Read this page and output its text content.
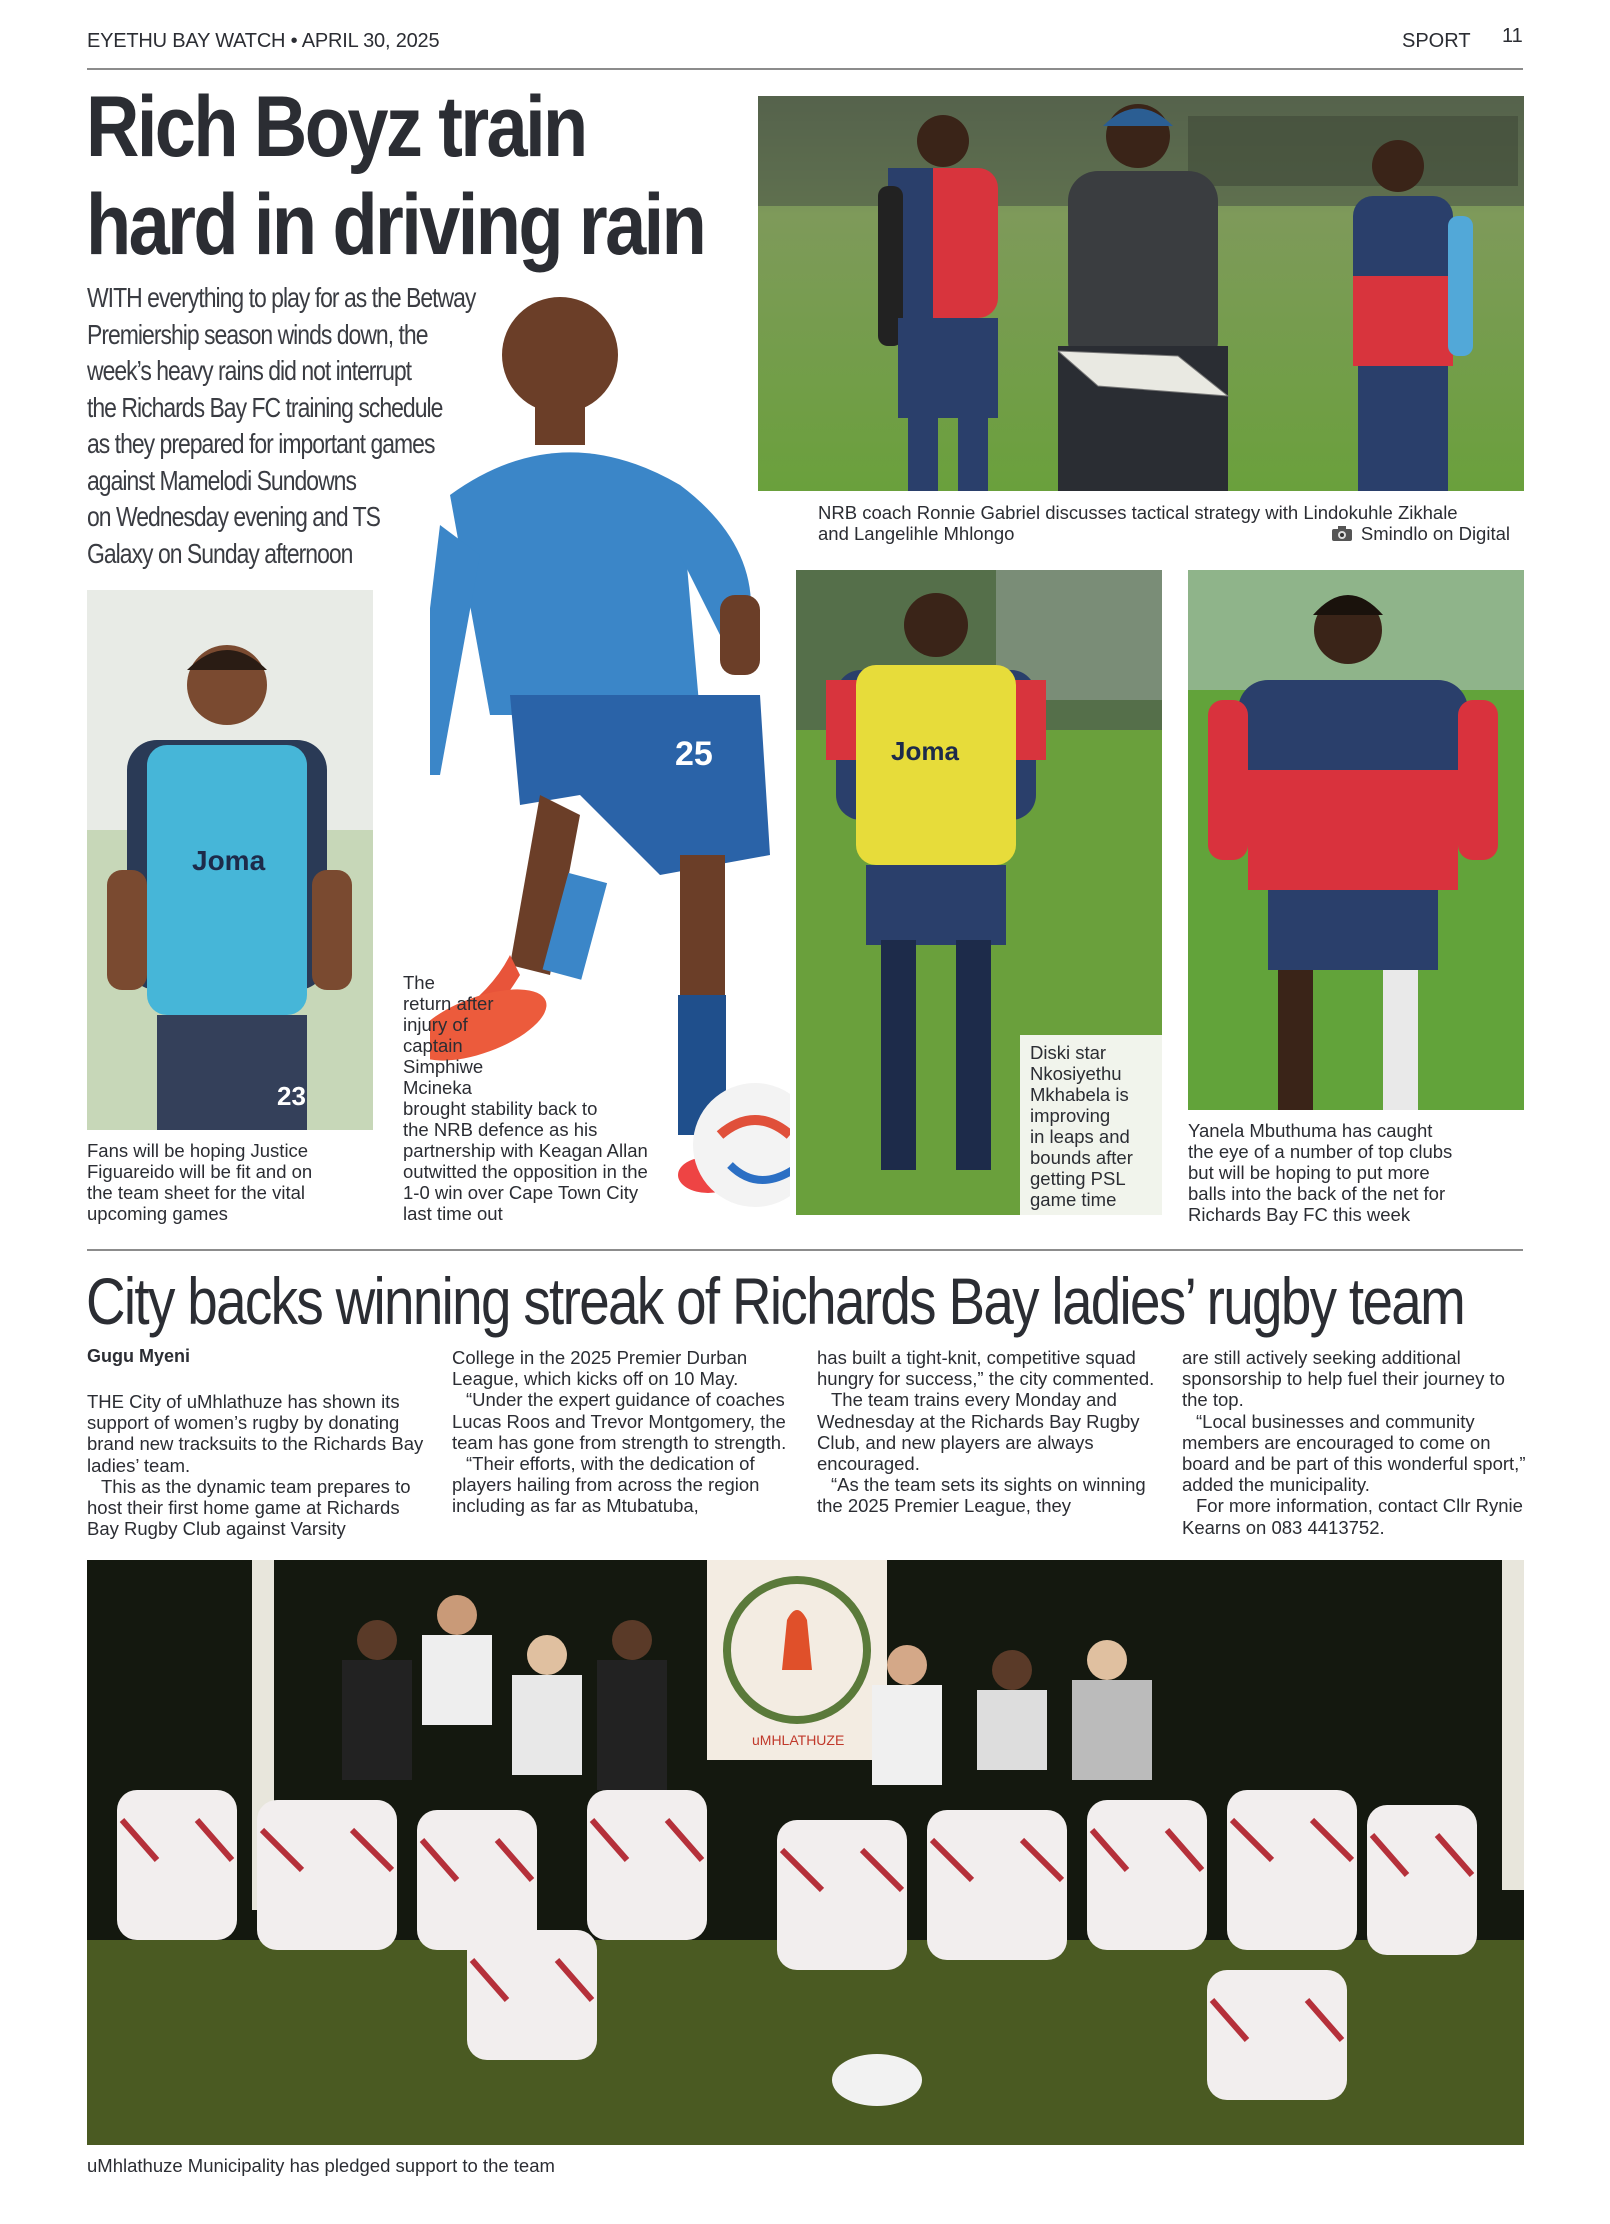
EYETHU BAY WATCH • APRIL 30, 2025	SPORT 11
Rich Boyz train
hard in driving rain
WITH everything to play for as the Betway
Premiership season winds down, the
week’s heavy rains did not interrupt
the Richards Bay FC training schedule
as they prepared for important games
against Mamelodi Sundowns
on Wednesday evening and TS
Galaxy on Sunday afternoon
NRB coach Ronnie Gabriel discusses tactical strategy with Lindokuhle Zikhale
and Langelihle Mhlongo	Smindlo on Digital
Joma
23
Fans will be hoping Justice
Figuareido will be fit and on
the team sheet for the vital
upcoming games
25
The
return after
injury of
captain
Simphiwe
Mcineka
brought stability back to
the NRB defence as his
partnership with Keagan Allan
outwitted the opposition in the
1-0 win over Cape Town City
last time out
Joma
Diski star
Nkosiyethu
Mkhabela is
improving
in leaps and
bounds after
getting PSL
game time
Yanela Mbuthuma has caught
the eye of a number of top clubs
but will be hoping to put more
balls into the back of the net for
Richards Bay FC this week
City backs winning streak of Richards Bay ladies’ rugby team
Gugu Myeni

THE City of uMhlathuze has shown its support of women’s rugby by donating brand new tracksuits to the Richards Bay ladies’ team.

This as the dynamic team prepares to host their first home game at Richards Bay Rugby Club against Varsity

College in the 2025 Premier Durban League, which kicks off on 10 May.

“Under the expert guidance of coaches Lucas Roos and Trevor Montgomery, the team has gone from strength to strength.

“Their efforts, with the dedication of players hailing from across the region including as far as Mtubatuba,

has built a tight-knit, competitive squad hungry for success,” the city commented.

The team trains every Monday and Wednesday at the Richards Bay Rugby Club, and new players are always encouraged.

“As the team sets its sights on winning the 2025 Premier League, they

are still actively seeking additional sponsorship to help fuel their journey to the top.

“Local businesses and community members are encouraged to come on board and be part of this wonderful sport,” added the municipality.

For more information, contact Cllr Rynie Kearns on 083 4413752.

uMHLATHUZE
uMhlathuze Municipality has pledged support to the team
